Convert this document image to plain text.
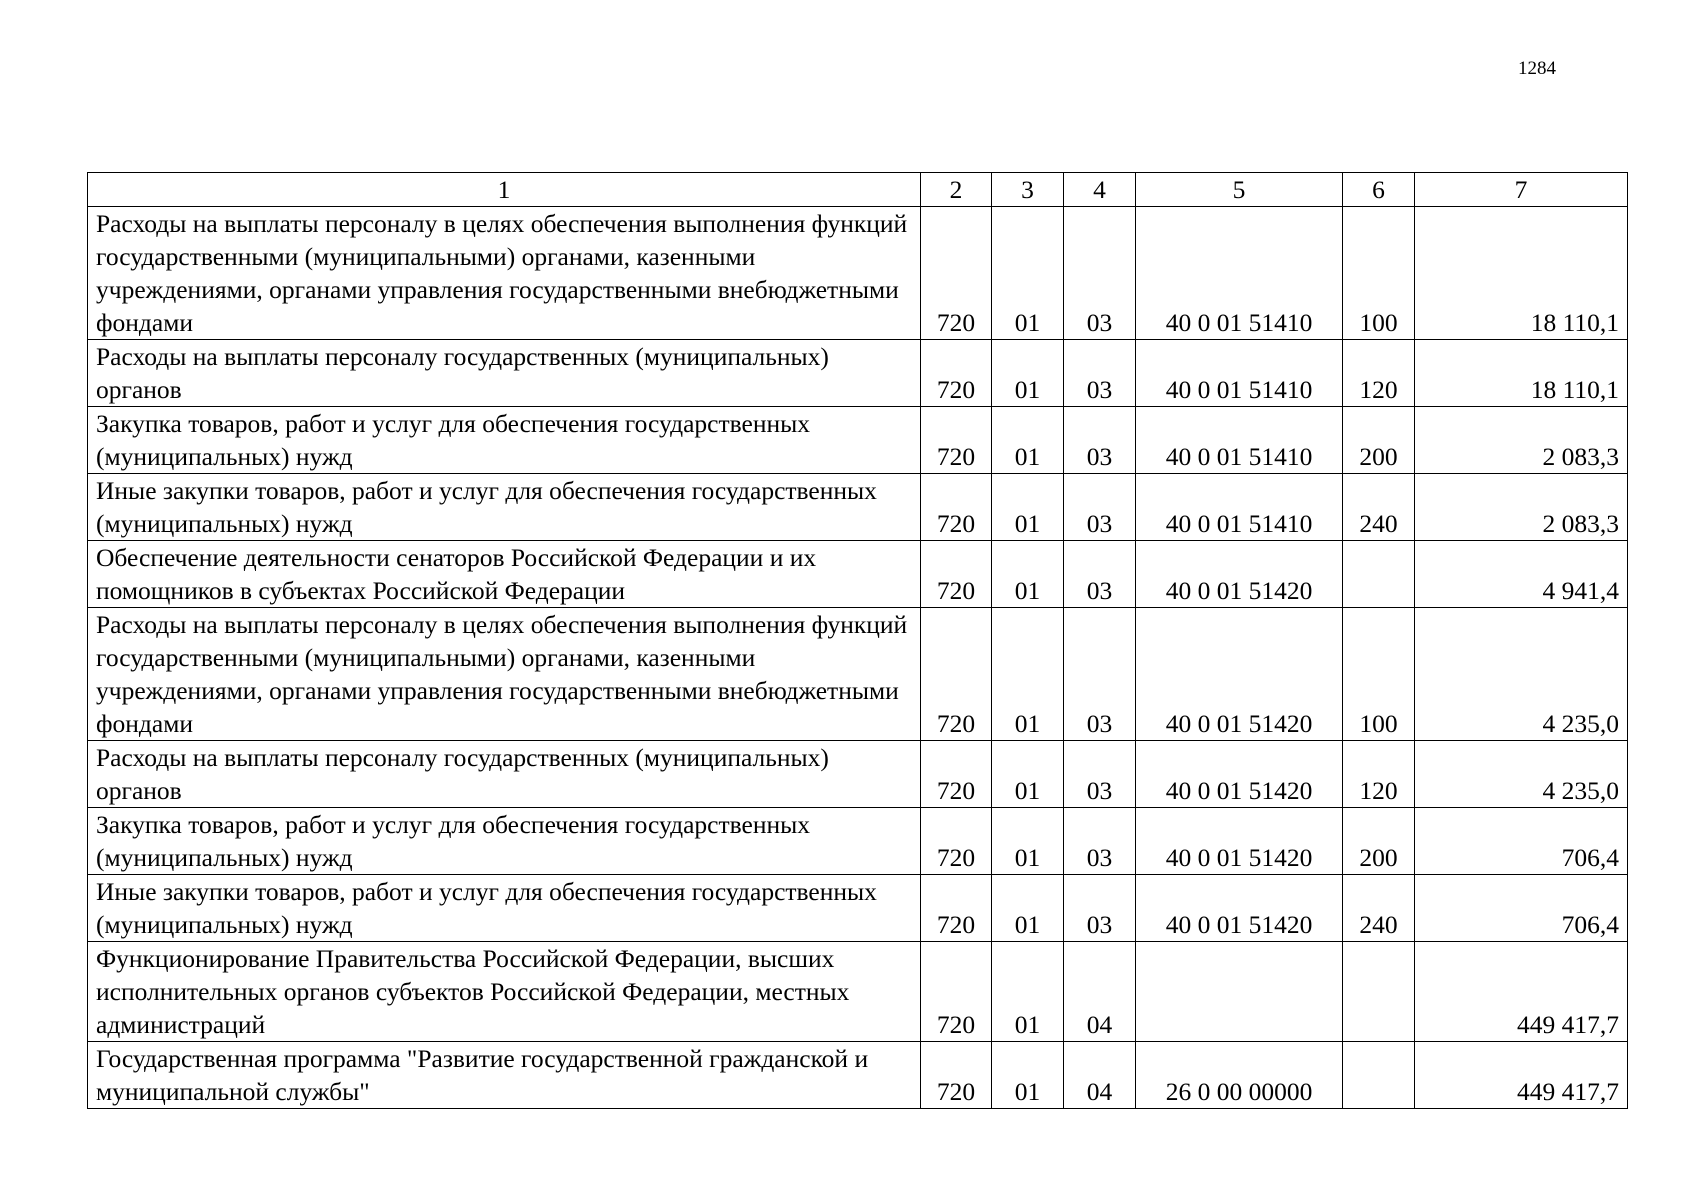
1284
1	2	3	4	5	6	7
Расходы на выплаты персоналу в целях обеспечения выполнения функций государственными (муниципальными) органами, казенными учреждениями, органами управления государственными внебюджетными фондами	720	01	03	40 0 01 51410	100	18 110,1
Расходы на выплаты персоналу государственных (муниципальных) органов	720	01	03	40 0 01 51410	120	18 110,1
Закупка товаров, работ и услуг для обеспечения государственных (муниципальных) нужд	720	01	03	40 0 01 51410	200	2 083,3
Иные закупки товаров, работ и услуг для обеспечения государственных (муниципальных) нужд	720	01	03	40 0 01 51410	240	2 083,3
Обеспечение деятельности сенаторов Российской Федерации и их помощников в субъектах Российской Федерации	720	01	03	40 0 01 51420		4 941,4
Расходы на выплаты персоналу в целях обеспечения выполнения функций государственными (муниципальными) органами, казенными учреждениями, органами управления государственными внебюджетными фондами	720	01	03	40 0 01 51420	100	4 235,0
Расходы на выплаты персоналу государственных (муниципальных) органов	720	01	03	40 0 01 51420	120	4 235,0
Закупка товаров, работ и услуг для обеспечения государственных (муниципальных) нужд	720	01	03	40 0 01 51420	200	706,4
Иные закупки товаров, работ и услуг для обеспечения государственных (муниципальных) нужд	720	01	03	40 0 01 51420	240	706,4
Функционирование Правительства Российской Федерации, высших исполнительных органов субъектов Российской Федерации, местных администраций	720	01	04			449 417,7
Государственная программа "Развитие государственной гражданской и муниципальной службы"	720	01	04	26 0 00 00000		449 417,7
